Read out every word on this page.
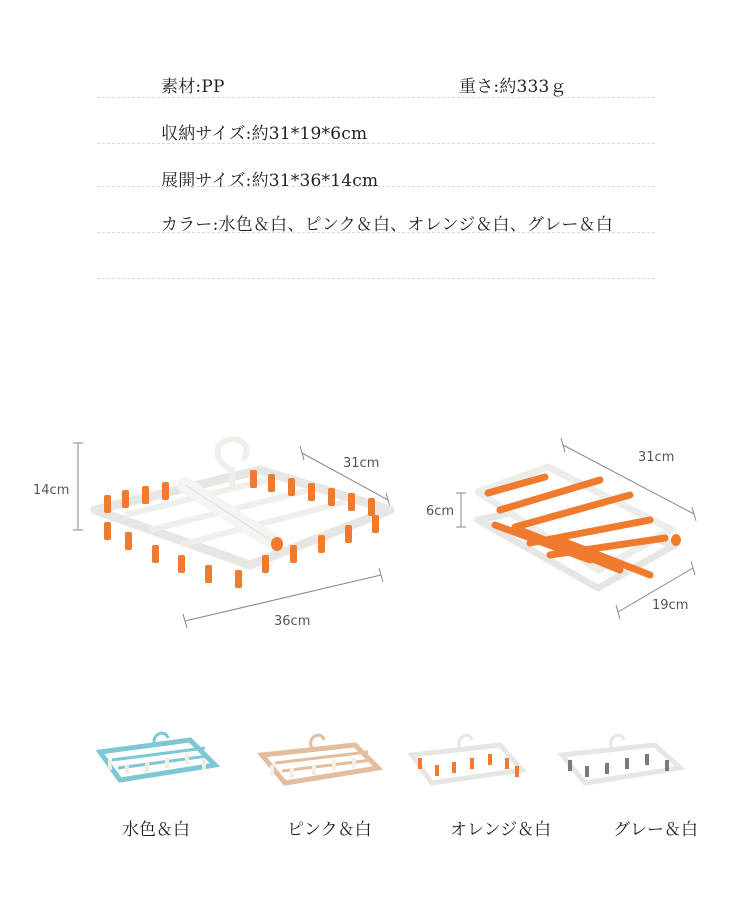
素材:PP	重さ:約333ｇ
収納サイズ:約31*19*6cm
展開サイズ:約31*36*14cm
カラー:水色＆白、ピンク＆白、オレンジ＆白、グレー＆白
14cm
31cm
36cm
31cm
6cm
19cm
水色＆白	ピンク＆白	オレンジ＆白	グレー＆白
